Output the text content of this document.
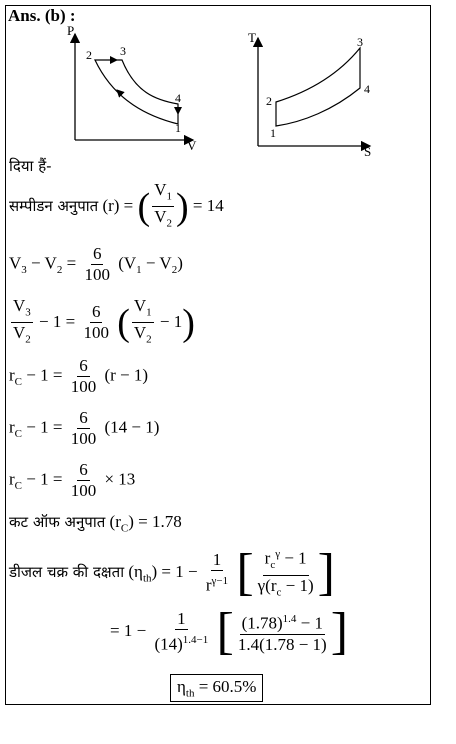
Ans. (b) :
P
V
2 3
4
1
T
S
1
2
3
4
दिया हैं-
सम्पीडन अनुपात (r) = ( $\frac{V_1}{V_2}$ ) = 14
$V_3 - V_2 = \frac{6}{100} (V_1 - V_2)$
$\frac{V_3}{V_2} - 1 = \frac{6}{100}$ ( $\frac{V_1}{V_2} - 1$)
$r_C - 1 = \frac{6}{100} (r - 1)$
$r_C - 1 = \frac{6}{100} (14 - 1)$
$r_C - 1 = \frac{6}{100} \times 13$
कट ऑफ अनुपात $(r_C) = 1.78$
डीजल चक्र की दक्षता $(\eta_{th}) = 1 - \frac{1}{r^{\gamma-1}}$ [ $\frac{r_c^\gamma - 1}{\gamma(r_c - 1)}$ ]
= $1 - \frac{1}{(14)^{1.4-1}}$ [ $\frac{(1.78)^{1.4} - 1}{1.4(1.78 - 1)}$ ]
$\eta_{th} = 60.5\%$
